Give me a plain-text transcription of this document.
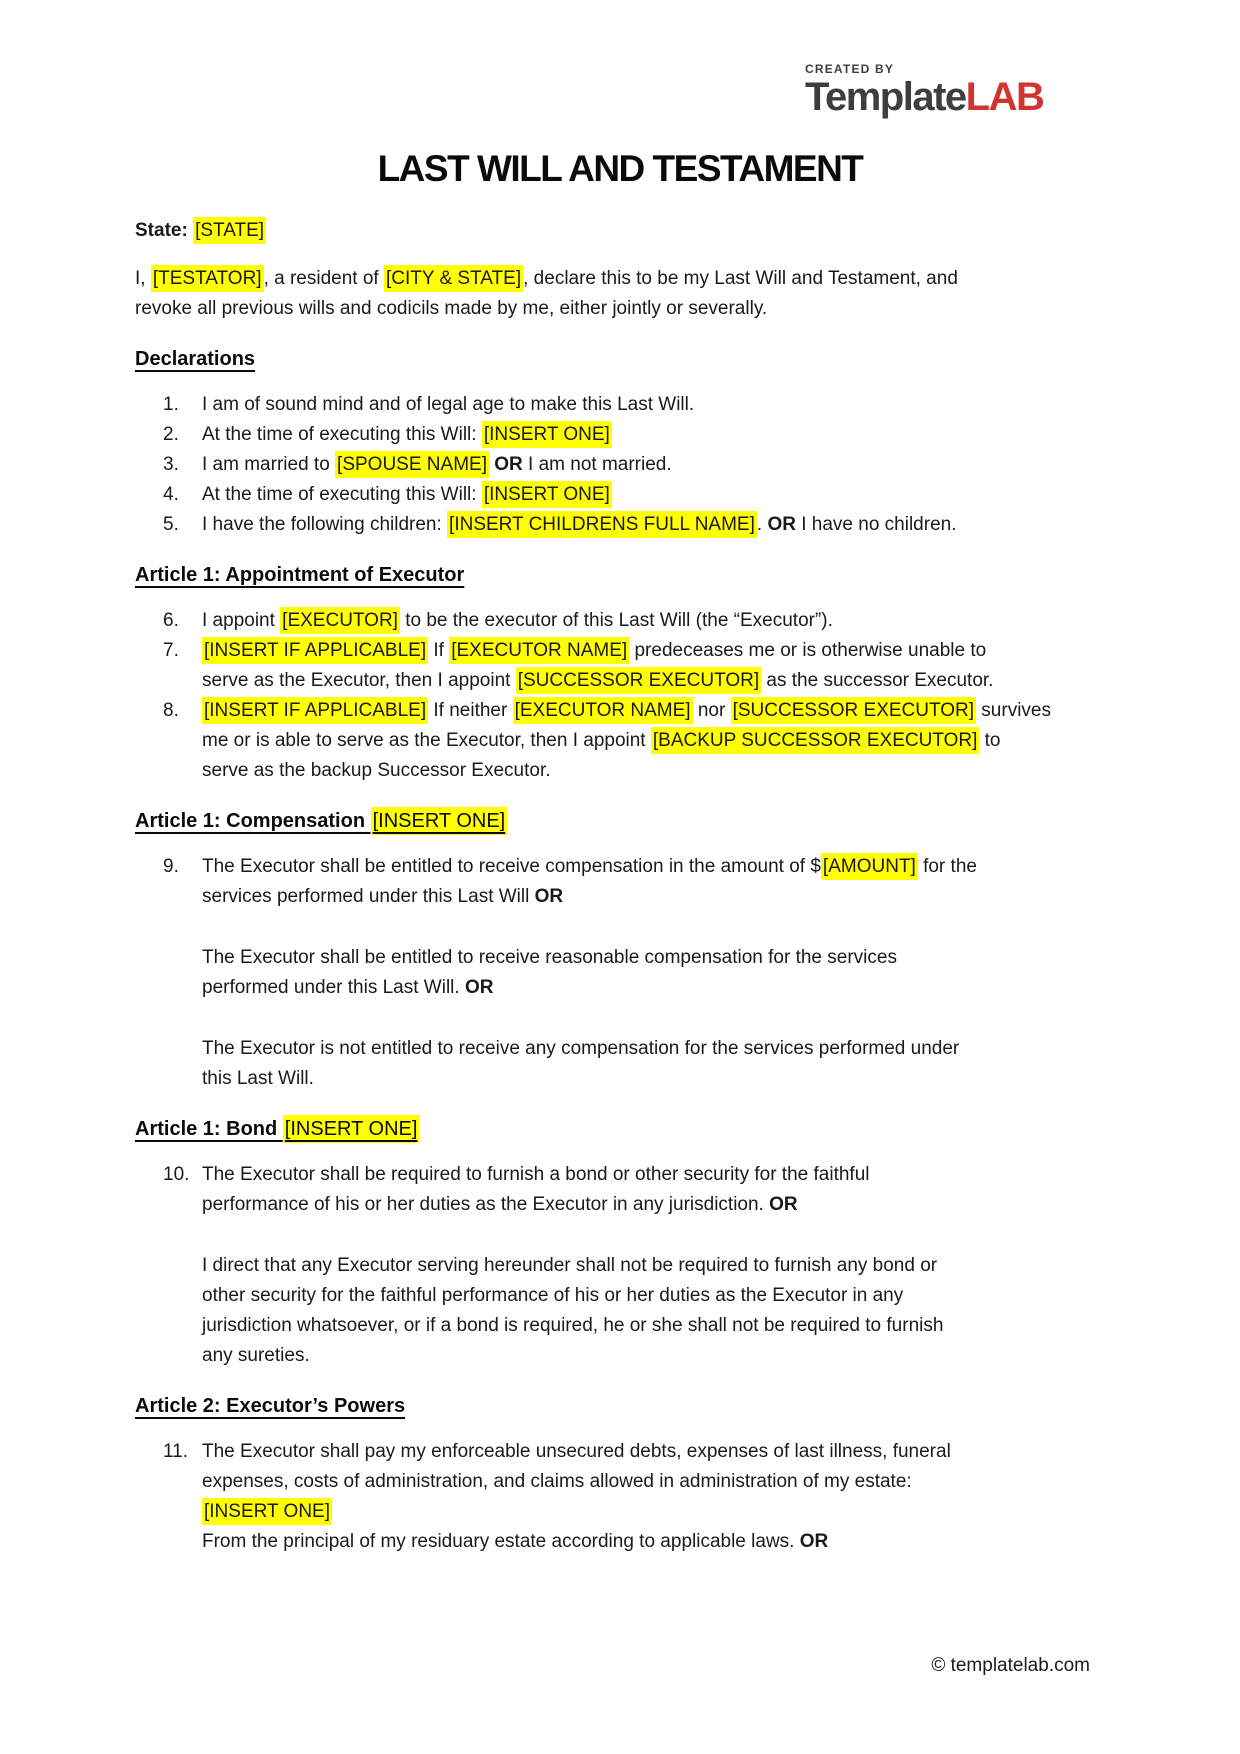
CREATED BY
TemplateLAB
LAST WILL AND TESTAMENT
State: [STATE]
I, [TESTATOR] , a resident of [CITY & STATE] , declare this to be my Last Will and Testament, and
revoke all previous wills and codicils made by me, either jointly or severally.
Declarations
1.	I am of sound mind and of legal age to make this Last Will.
2.	At the time of executing this Will: [INSERT ONE]
3.	I am married to [SPOUSE NAME] OR I am not married.
4.	At the time of executing this Will: [INSERT ONE]
5.	I have the following children: [INSERT CHILDRENS FULL NAME] . OR I have no children.
Article 1: Appointment of Executor
6.	I appoint [EXECUTOR] to be the executor of this Last Will (the “Executor”).
7.	[INSERT IF APPLICABLE] If [EXECUTOR NAME] predeceases me or is otherwise unable to
serve as the Executor, then I appoint [SUCCESSOR EXECUTOR] as the successor Executor.
8.	[INSERT IF APPLICABLE] If neither [EXECUTOR NAME] nor [SUCCESSOR EXECUTOR] survives
me or is able to serve as the Executor, then I appoint [BACKUP SUCCESSOR EXECUTOR] to
serve as the backup Successor Executor.
Article 1: Compensation [INSERT ONE]
9.	The Executor shall be entitled to receive compensation in the amount of $ [AMOUNT] for the
services performed under this Last Will OR
The Executor shall be entitled to receive reasonable compensation for the services
performed under this Last Will. OR
The Executor is not entitled to receive any compensation for the services performed under
this Last Will.
Article 1: Bond [INSERT ONE]
10. The Executor shall be required to furnish a bond or other security for the faithful
performance of his or her duties as the Executor in any jurisdiction. OR
I direct that any Executor serving hereunder shall not be required to furnish any bond or
other security for the faithful performance of his or her duties as the Executor in any
jurisdiction whatsoever, or if a bond is required, he or she shall not be required to furnish
any sureties.
Article 2: Executor’s Powers
11. The Executor shall pay my enforceable unsecured debts, expenses of last illness, funeral
expenses, costs of administration, and claims allowed in administration of my estate:
[INSERT ONE]
From the principal of my residuary estate according to applicable laws. OR
© templatelab.com
